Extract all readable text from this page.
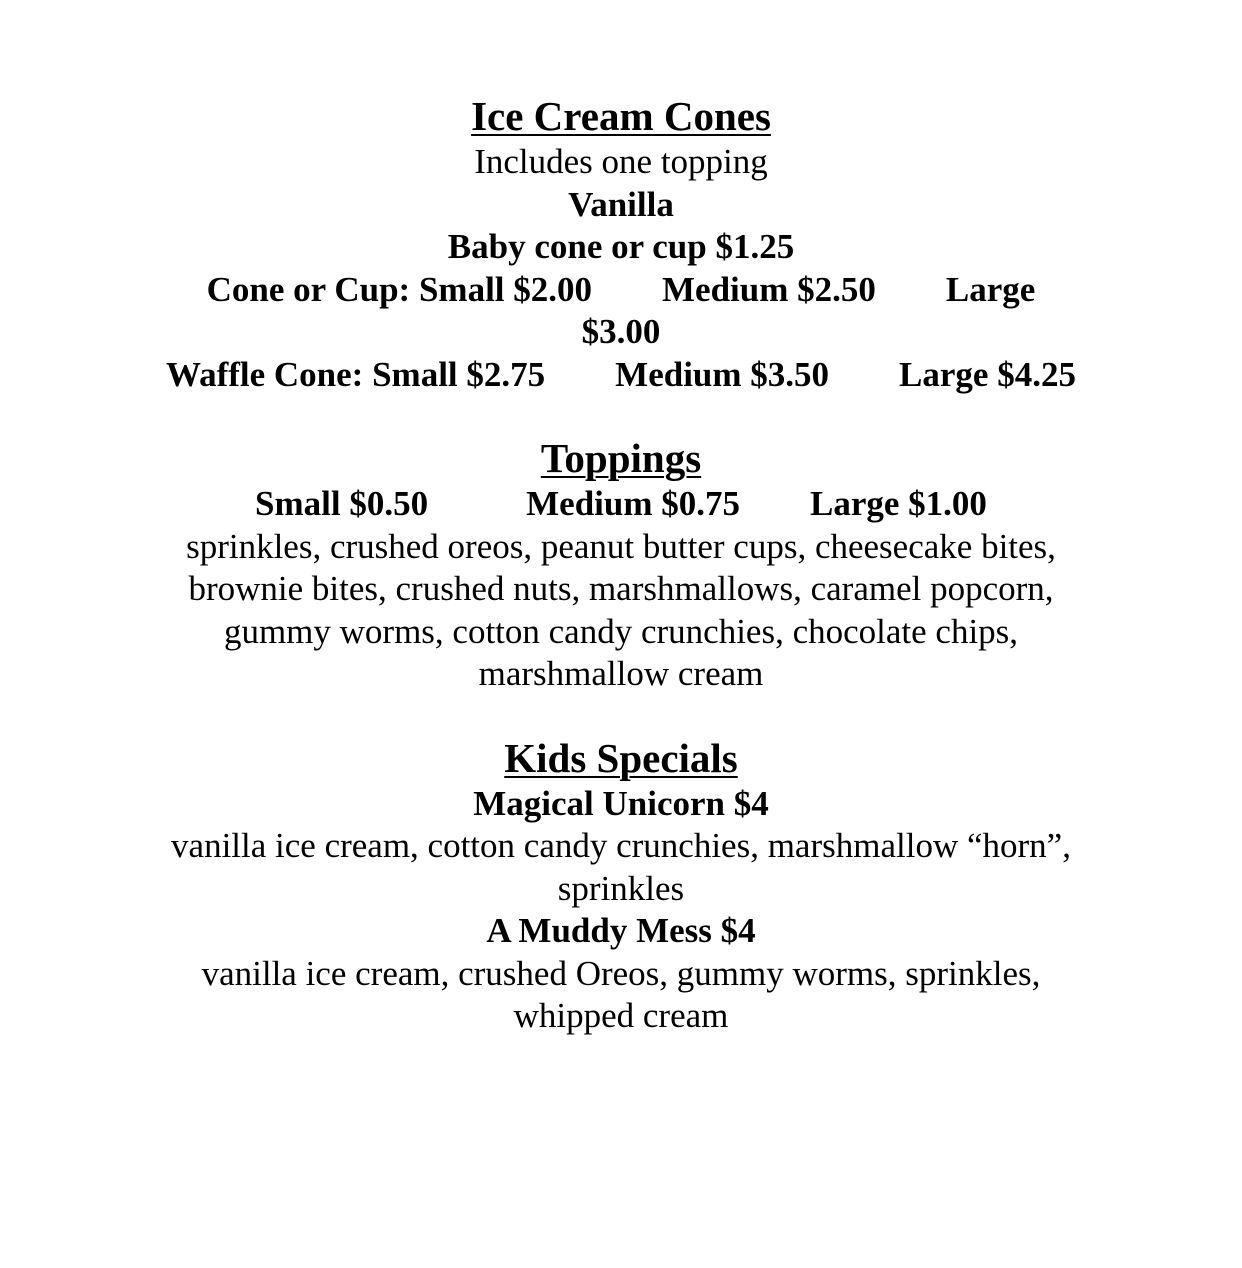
Ice Cream Cones

Includes one topping

Vanilla

Baby cone or cup $1.25

Cone or Cup: Small $2.00 Medium $2.50 Large

$3.00

Waffle Cone: Small $2.75 Medium $3.50 Large $4.25

Toppings

Small $0.50	Medium $0.75 Large $1.00

sprinkles, crushed oreos, peanut butter cups, cheesecake bites,

brownie bites, crushed nuts, marshmallows, caramel popcorn,

gummy worms, cotton candy crunchies, chocolate chips,

marshmallow cream

Kids Specials

Magical Unicorn $4

vanilla ice cream, cotton candy crunchies, marshmallow “horn”,

sprinkles

A Muddy Mess $4

vanilla ice cream, crushed Oreos, gummy worms, sprinkles,

whipped cream
